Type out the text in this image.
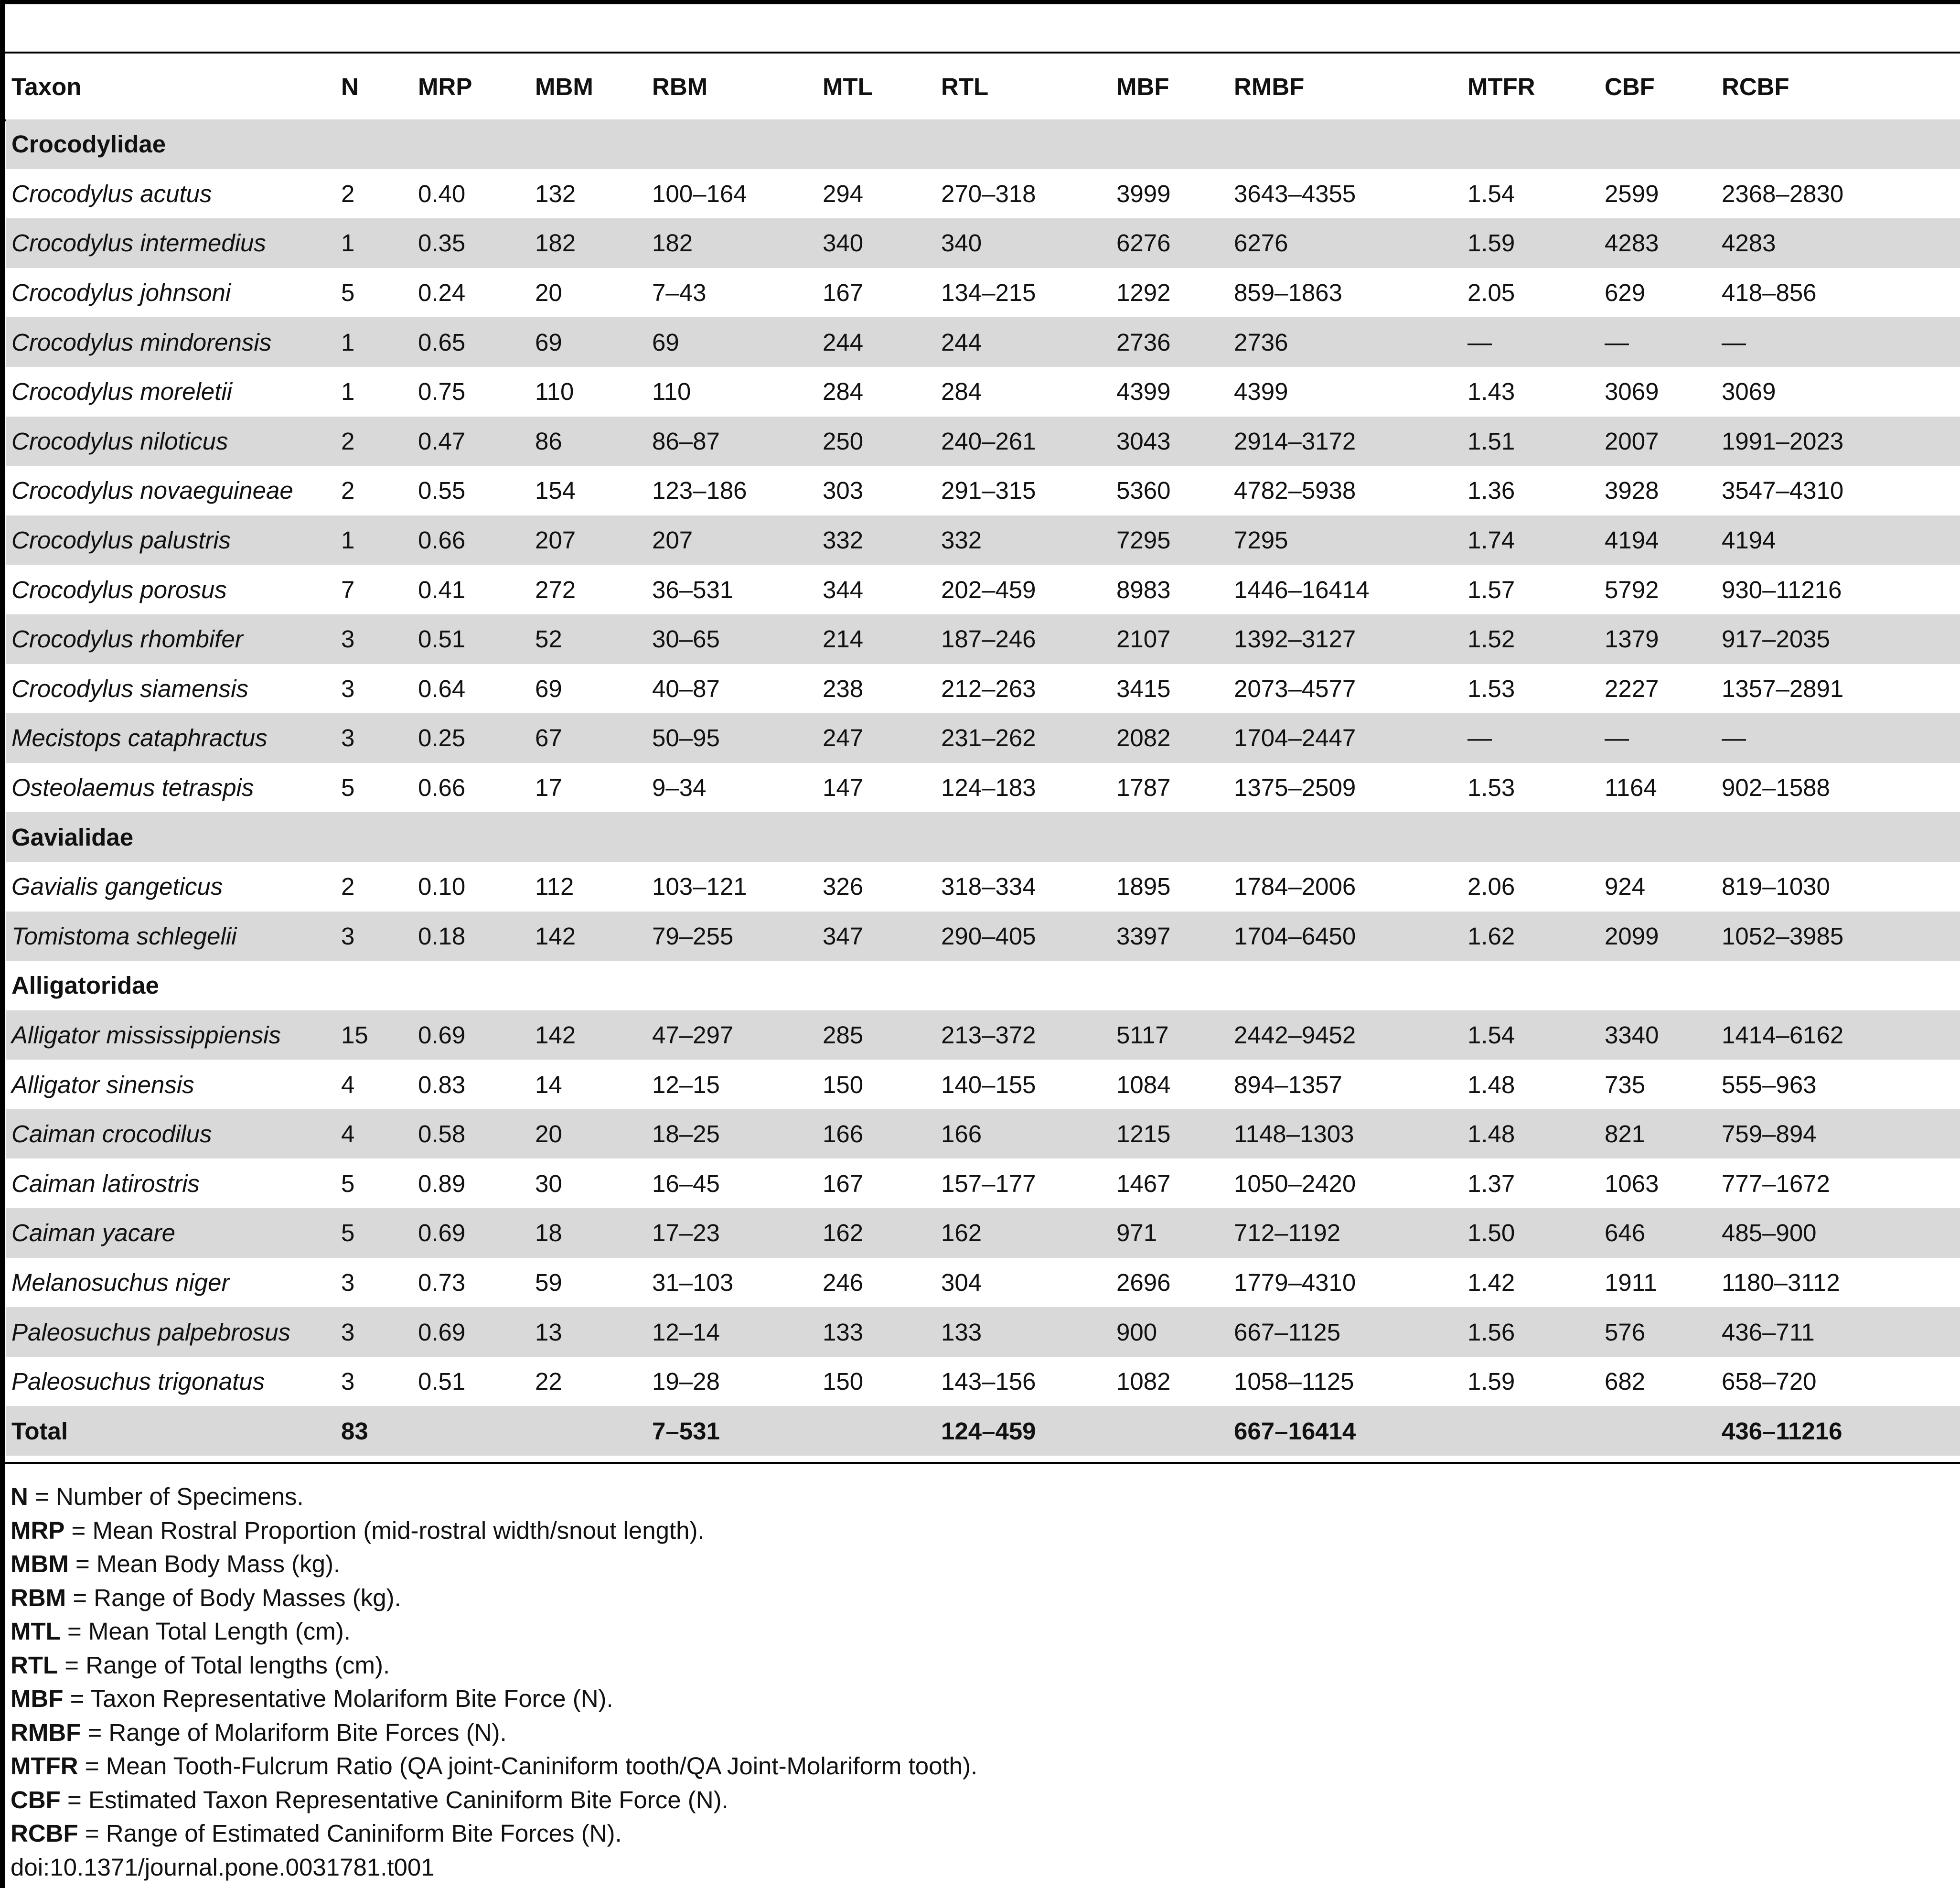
Taxon	N	MRP	MBM	RBM	MTL	RTL	MBF	RMBF	MTFR	CBF	RCBF
Crocodylidae											
Crocodylus acutus	2	0.40	132	100–164	294	270–318	3999	3643–4355	1.54	2599	2368–2830
Crocodylus intermedius	1	0.35	182	182	340	340	6276	6276	1.59	4283	4283
Crocodylus johnsoni	5	0.24	20	7–43	167	134–215	1292	859–1863	2.05	629	418–856
Crocodylus mindorensis	1	0.65	69	69	244	244	2736	2736	—	—	—
Crocodylus moreletii	1	0.75	110	110	284	284	4399	4399	1.43	3069	3069
Crocodylus niloticus	2	0.47	86	86–87	250	240–261	3043	2914–3172	1.51	2007	1991–2023
Crocodylus novaeguineae	2	0.55	154	123–186	303	291–315	5360	4782–5938	1.36	3928	3547–4310
Crocodylus palustris	1	0.66	207	207	332	332	7295	7295	1.74	4194	4194
Crocodylus porosus	7	0.41	272	36–531	344	202–459	8983	1446–16414	1.57	5792	930–11216
Crocodylus rhombifer	3	0.51	52	30–65	214	187–246	2107	1392–3127	1.52	1379	917–2035
Crocodylus siamensis	3	0.64	69	40–87	238	212–263	3415	2073–4577	1.53	2227	1357–2891
Mecistops cataphractus	3	0.25	67	50–95	247	231–262	2082	1704–2447	—	—	—
Osteolaemus tetraspis	5	0.66	17	9–34	147	124–183	1787	1375–2509	1.53	1164	902–1588
Gavialidae											
Gavialis gangeticus	2	0.10	112	103–121	326	318–334	1895	1784–2006	2.06	924	819–1030
Tomistoma schlegelii	3	0.18	142	79–255	347	290–405	3397	1704–6450	1.62	2099	1052–3985
Alligatoridae											
Alligator mississippiensis	15	0.69	142	47–297	285	213–372	5117	2442–9452	1.54	3340	1414–6162
Alligator sinensis	4	0.83	14	12–15	150	140–155	1084	894–1357	1.48	735	555–963
Caiman crocodilus	4	0.58	20	18–25	166	166	1215	1148–1303	1.48	821	759–894
Caiman latirostris	5	0.89	30	16–45	167	157–177	1467	1050–2420	1.37	1063	777–1672
Caiman yacare	5	0.69	18	17–23	162	162	971	712–1192	1.50	646	485–900
Melanosuchus niger	3	0.73	59	31–103	246	304	2696	1779–4310	1.42	1911	1180–3112
Paleosuchus palpebrosus	3	0.69	13	12–14	133	133	900	667–1125	1.56	576	436–711
Paleosuchus trigonatus	3	0.51	22	19–28	150	143–156	1082	1058–1125	1.59	682	658–720
Total	83			7–531		124–459		667–16414			436–11216
N = Number of Specimens.
MRP = Mean Rostral Proportion (mid-rostral width/snout length).
MBM = Mean Body Mass (kg).
RBM = Range of Body Masses (kg).
MTL = Mean Total Length (cm).
RTL = Range of Total lengths (cm).
MBF = Taxon Representative Molariform Bite Force (N).
RMBF = Range of Molariform Bite Forces (N).
MTFR = Mean Tooth-Fulcrum Ratio (QA joint-Caniniform tooth/QA Joint-Molariform tooth).
CBF = Estimated Taxon Representative Caniniform Bite Force (N).
RCBF = Range of Estimated Caniniform Bite Forces (N).
doi:10.1371/journal.pone.0031781.t001
